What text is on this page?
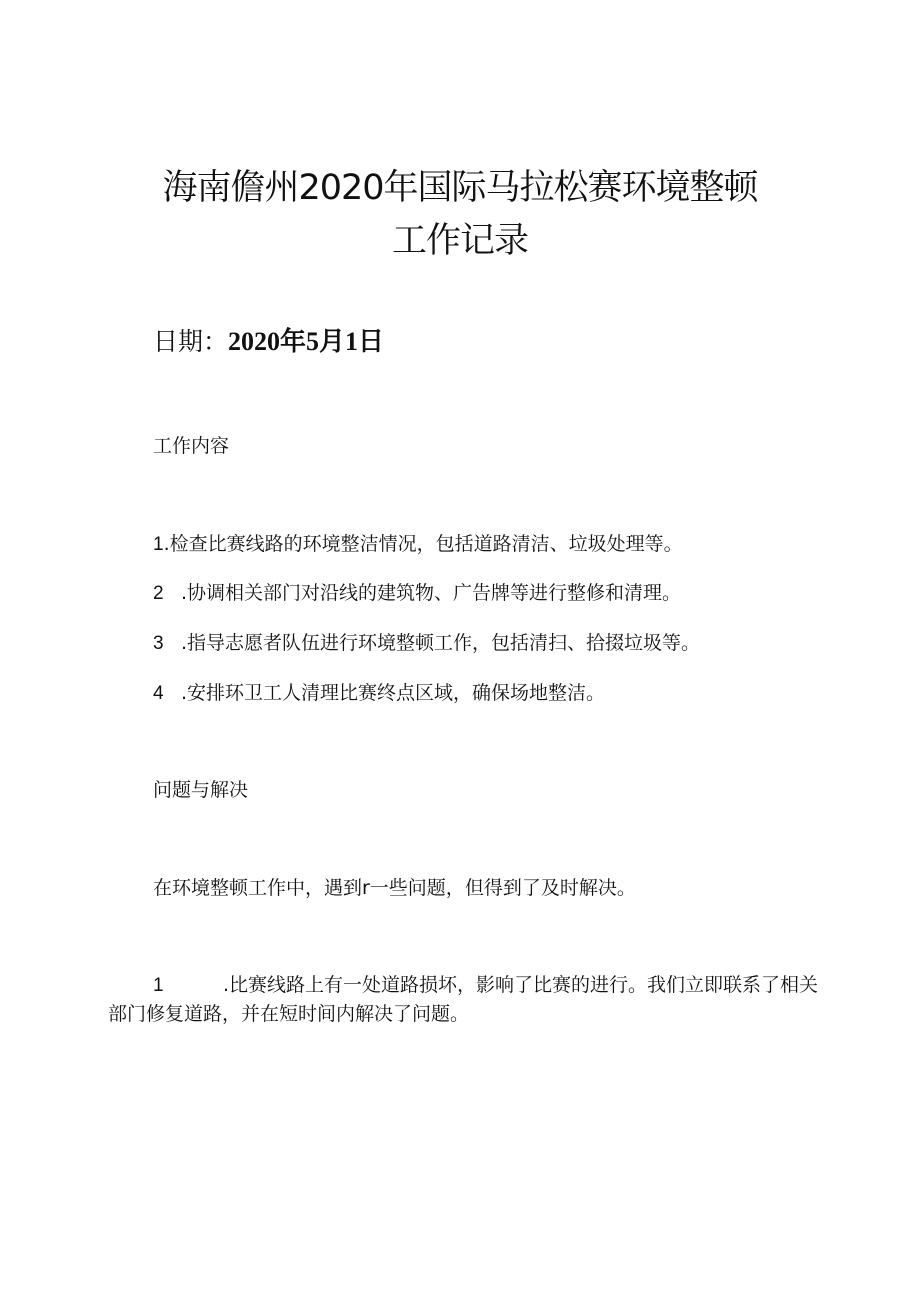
海南儋州2020年国际马拉松赛环境整顿
工作记录
日期：2020年5月1日
工作内容
1.检查比赛线路的环境整洁情况，包括道路清洁、垃圾处理等。
2 .协调相关部门对沿线的建筑物、广告牌等进行整修和清理。
3 .指导志愿者队伍进行环境整顿工作，包括清扫、拾掇垃圾等。
4 .安排环卫工人清理比赛终点区域，确保场地整洁。
问题与解决
在环境整顿工作中，遇到r一些问题，但得到了及时解决。
1	.比赛线路上有一处道路损坏，影响了比赛的进行。我们立即联系了相关部门修复道路，并在短时间内解决了问题。
